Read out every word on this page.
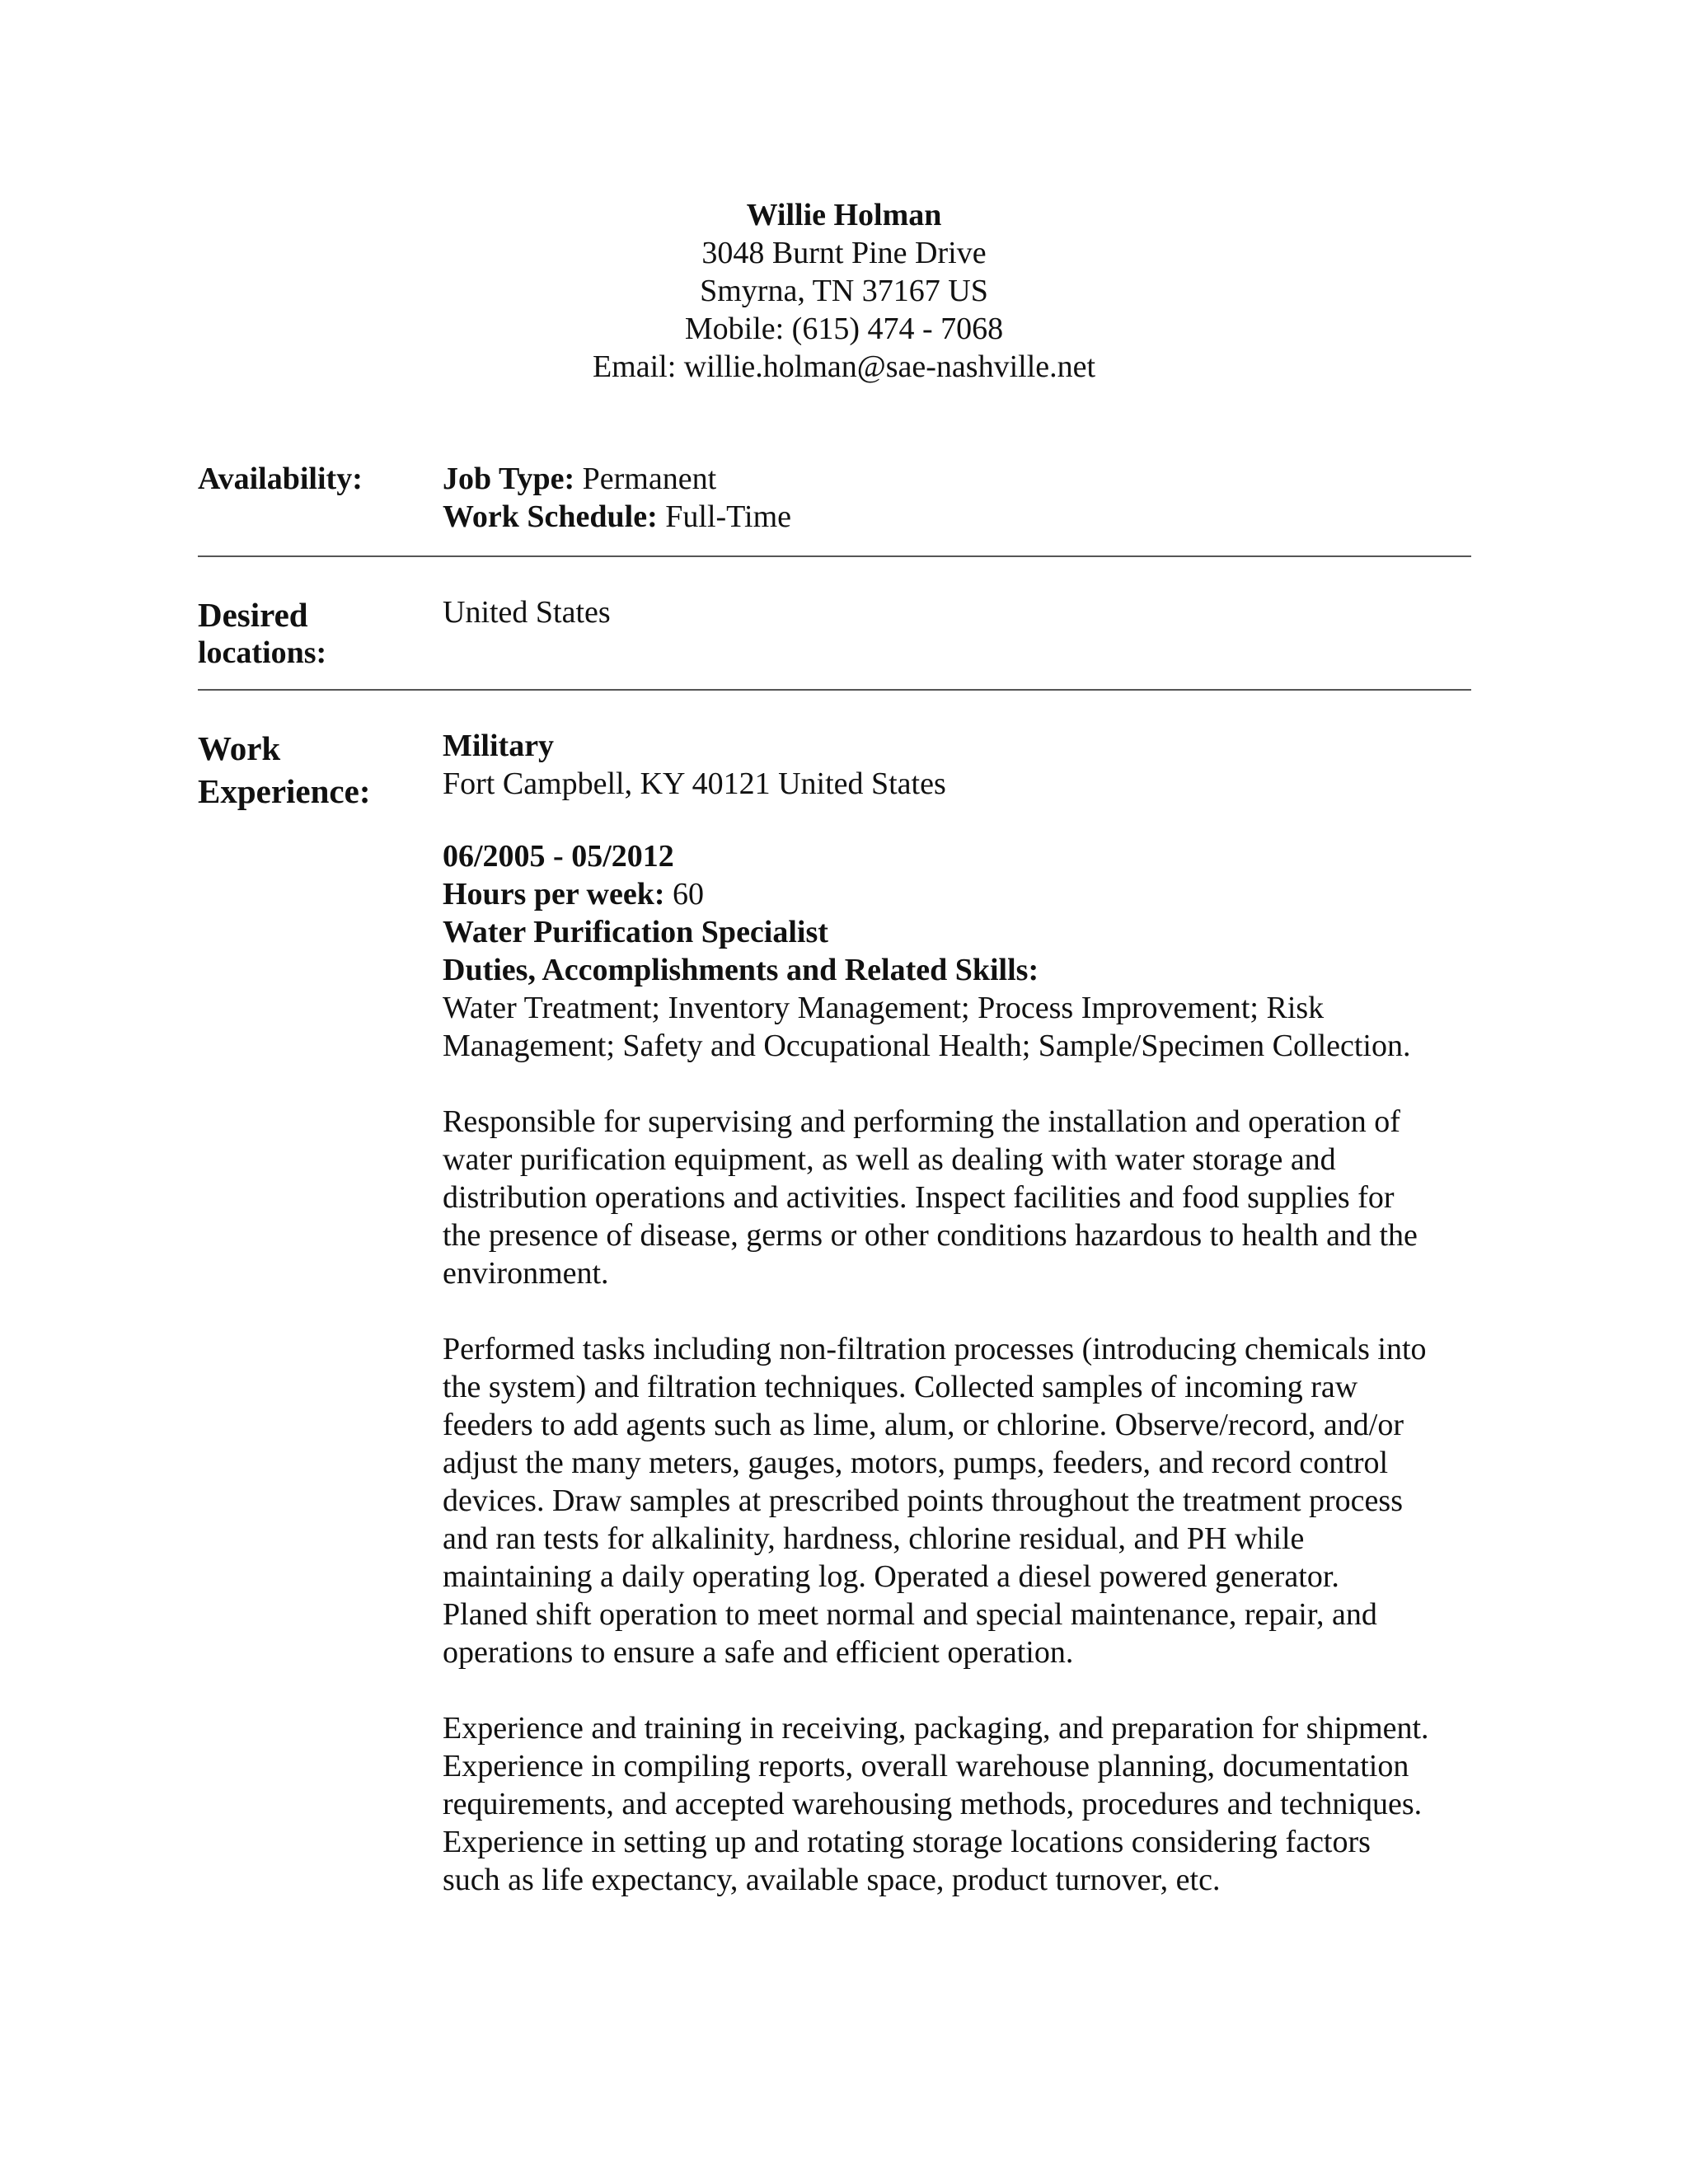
Willie Holman
3048 Burnt Pine Drive
Smyrna, TN 37167 US
Mobile: (615) 474 - 7068
Email: willie.holman@sae-nashville.net
Availability:	Job Type: Permanent
Work Schedule: Full-Time
Desired
locations:
United States
Work
Experience:
Military
Fort Campbell, KY 40121 United States
06/2005 - 05/2012
Hours per week: 60
Water Purification Specialist
Duties, Accomplishments and Related Skills:
Water Treatment; Inventory Management; Process Improvement; Risk
Management; Safety and Occupational Health; Sample/Specimen Collection.
Responsible for supervising and performing the installation and operation of
water purification equipment, as well as dealing with water storage and
distribution operations and activities. Inspect facilities and food supplies for
the presence of disease, germs or other conditions hazardous to health and the
environment.
Performed tasks including non-filtration processes (introducing chemicals into
the system) and filtration techniques. Collected samples of incoming raw
feeders to add agents such as lime, alum, or chlorine. Observe/record, and/or
adjust the many meters, gauges, motors, pumps, feeders, and record control
devices. Draw samples at prescribed points throughout the treatment process
and ran tests for alkalinity, hardness, chlorine residual, and PH while
maintaining a daily operating log. Operated a diesel powered generator.
Planed shift operation to meet normal and special maintenance, repair, and
operations to ensure a safe and efficient operation.
Experience and training in receiving, packaging, and preparation for shipment.
Experience in compiling reports, overall warehouse planning, documentation
requirements, and accepted warehousing methods, procedures and techniques.
Experience in setting up and rotating storage locations considering factors
such as life expectancy, available space, product turnover, etc.
